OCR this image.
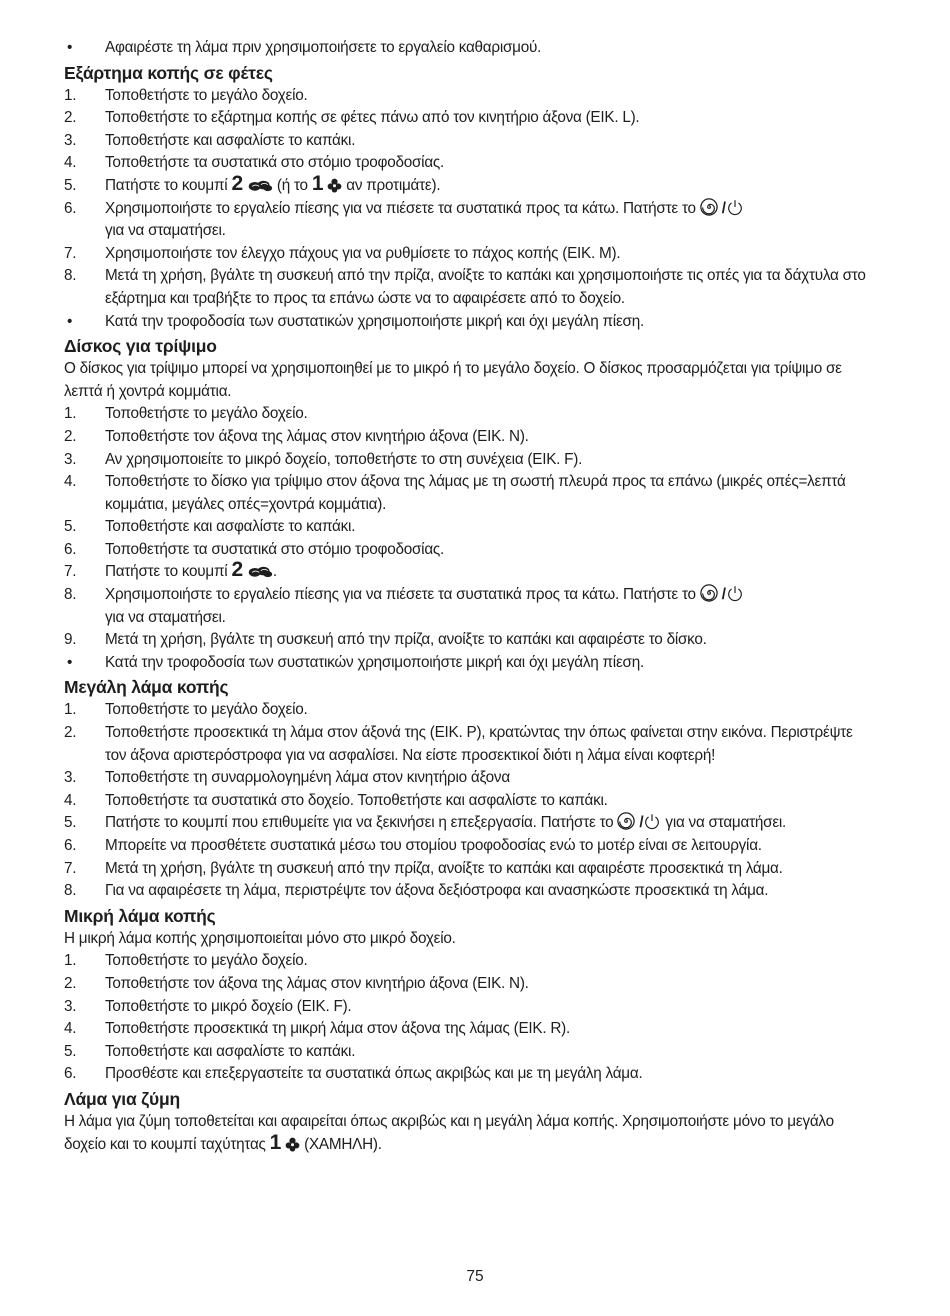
•	Αφαιρέστε τη λάμα πριν χρησιμοποιήσετε το εργαλείο καθαρισμού.
Εξάρτημα κοπής σε φέτες
1.	Τοποθετήστε το μεγάλο δοχείο.
2.	Τοποθετήστε το εξάρτημα κοπής σε φέτες πάνω από τον κινητήριο άξονα (ΕΙΚ. L).
3.	Τοποθετήστε και ασφαλίστε το καπάκι.
4.	Τοποθετήστε τα συστατικά στο στόμιο τροφοδοσίας.
5.	Πατήστε το κουμπί 2  (ή το 1  αν προτιμάτε).
6.	Χρησιμοποιήστε το εργαλείο πίεσης για να πιέσετε τα συστατικά προς τα κάτω. Πατήστε το  /
για να σταματήσει.
7.	Χρησιμοποιήστε τον έλεγχο πάχους για να ρυθμίσετε το πάχος κοπής (ΕΙΚ. M).
8.	Μετά τη χρήση, βγάλτε τη συσκευή από την πρίζα, ανοίξτε το καπάκι και χρησιμοποιήστε τις οπές για τα δάχτυλα στο εξάρτημα και τραβήξτε το προς τα επάνω ώστε να το αφαιρέσετε από το δοχείο.
•	Κατά την τροφοδοσία των συστατικών χρησιμοποιήστε μικρή και όχι μεγάλη πίεση.
Δίσκος για τρίψιμο

Ο δίσκος για τρίψιμο μπορεί να χρησιμοποιηθεί με το μικρό ή το μεγάλο δοχείο. Ο δίσκος προσαρμόζεται για τρίψιμο σε λεπτά ή χοντρά κομμάτια.

1.	Τοποθετήστε το μεγάλο δοχείο.
2.	Τοποθετήστε τον άξονα της λάμας στον κινητήριο άξονα (ΕΙΚ. N).
3.	Αν χρησιμοποιείτε το μικρό δοχείο, τοποθετήστε το στη συνέχεια (ΕΙΚ. F).
4.	Τοποθετήστε το δίσκο για τρίψιμο στον άξονα της λάμας με τη σωστή πλευρά προς τα επάνω (μικρές οπές=λεπτά κομμάτια, μεγάλες οπές=χοντρά κομμάτια).
5.	Τοποθετήστε και ασφαλίστε το καπάκι.
6.	Τοποθετήστε τα συστατικά στο στόμιο τροφοδοσίας.
7.	Πατήστε το κουμπί 2 .
8.	Χρησιμοποιήστε το εργαλείο πίεσης για να πιέσετε τα συστατικά προς τα κάτω. Πατήστε το  /
για να σταματήσει.
9.	Μετά τη χρήση, βγάλτε τη συσκευή από την πρίζα, ανοίξτε το καπάκι και αφαιρέστε το δίσκο.
•	Κατά την τροφοδοσία των συστατικών χρησιμοποιήστε μικρή και όχι μεγάλη πίεση.
Μεγάλη λάμα κοπής
1.	Τοποθετήστε το μεγάλο δοχείο.
2.	Τοποθετήστε προσεκτικά τη λάμα στον άξονά της (ΕΙΚ. P), κρατώντας την όπως φαίνεται στην εικόνα. Περιστρέψτε τον άξονα αριστερόστροφα για να ασφαλίσει. Να είστε προσεκτικοί διότι η λάμα είναι κοφτερή!
3.	Τοποθετήστε τη συναρμολογημένη λάμα στον κινητήριο άξονα
4.	Τοποθετήστε τα συστατικά στο δοχείο. Τοποθετήστε και ασφαλίστε το καπάκι.
5.	Πατήστε το κουμπί που επιθυμείτε για να ξεκινήσει η επεξεργασία. Πατήστε το  / για να σταματήσει.
6.	Μπορείτε να προσθέτετε συστατικά μέσω του στομίου τροφοδοσίας ενώ το μοτέρ είναι σε λειτουργία.
7.	Μετά τη χρήση, βγάλτε τη συσκευή από την πρίζα, ανοίξτε το καπάκι και αφαιρέστε προσεκτικά τη λάμα.
8.	Για να αφαιρέσετε τη λάμα, περιστρέψτε τον άξονα δεξιόστροφα και ανασηκώστε προσεκτικά τη λάμα.
Μικρή λάμα κοπής

Η μικρή λάμα κοπής χρησιμοποιείται μόνο στο μικρό δοχείο.

1.	Τοποθετήστε το μεγάλο δοχείο.
2.	Τοποθετήστε τον άξονα της λάμας στον κινητήριο άξονα (ΕΙΚ. N).
3.	Τοποθετήστε το μικρό δοχείο (ΕΙΚ. F).
4.	Τοποθετήστε προσεκτικά τη μικρή λάμα στον άξονα της λάμας (ΕΙΚ. R).
5.	Τοποθετήστε και ασφαλίστε το καπάκι.
6.	Προσθέστε και επεξεργαστείτε τα συστατικά όπως ακριβώς και με τη μεγάλη λάμα.
Λάμα για ζύμη

Η λάμα για ζύμη τοποθετείται και αφαιρείται όπως ακριβώς και η μεγάλη λάμα κοπής. Χρησιμοποιήστε μόνο το μεγάλο δοχείο και το κουμπί ταχύτητας 1  (ΧΑΜΗΛΗ).

75
